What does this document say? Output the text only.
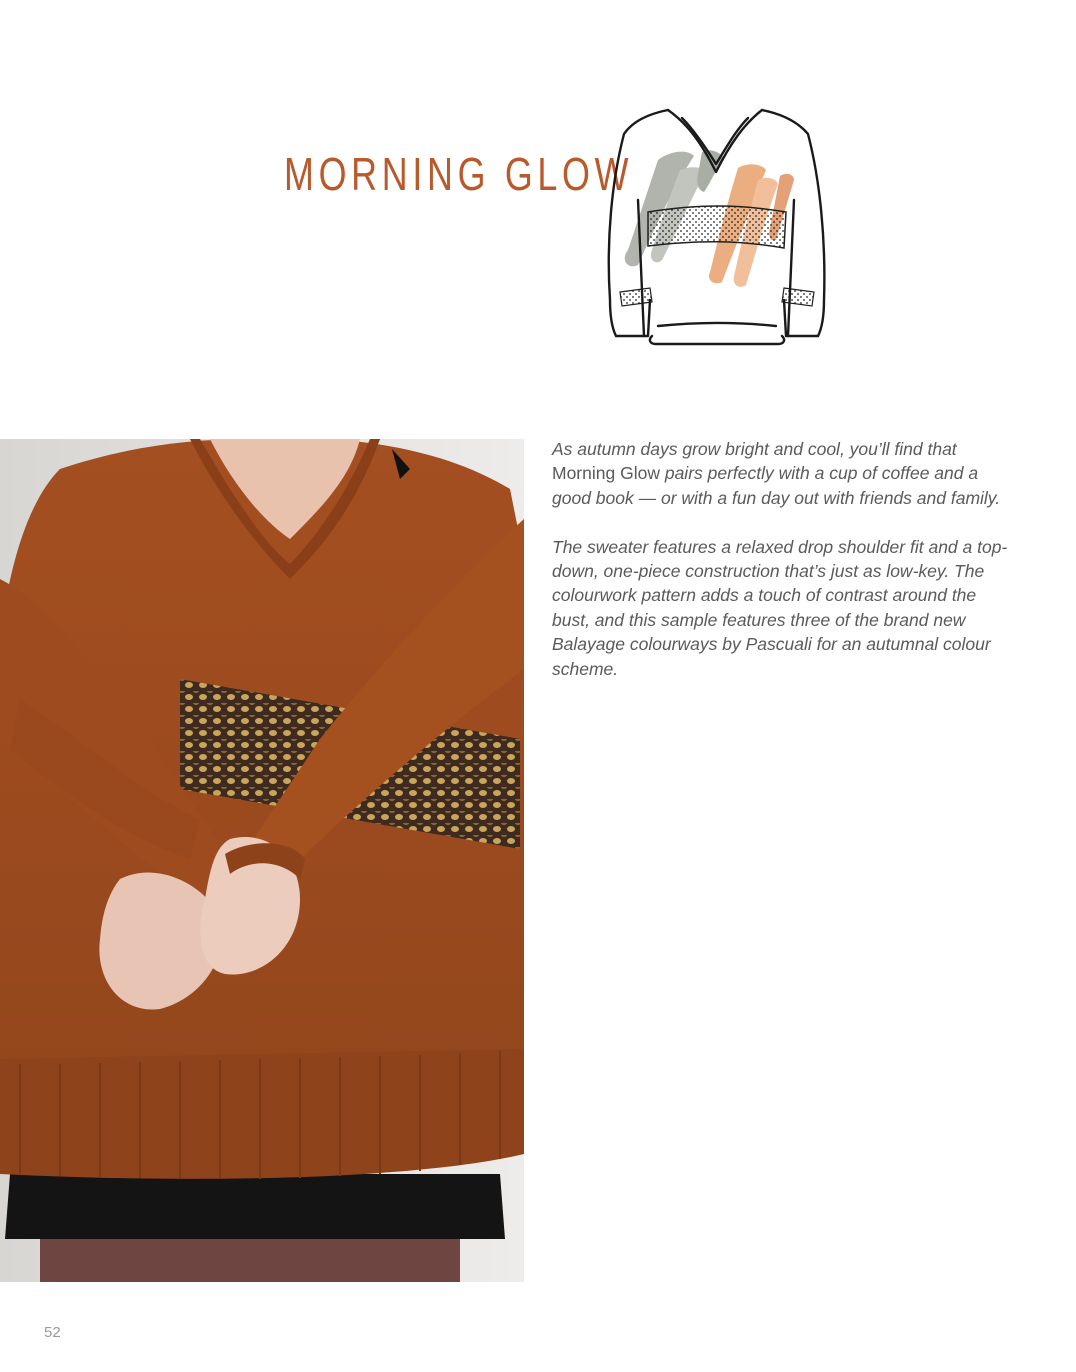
MORNING GLOW

As autumn days grow bright and cool, you’ll find that Morning Glow pairs perfectly with a cup of coffee and a good book — or with a fun day out with friends and family.

The sweater features a relaxed drop shoulder fit and a top-down, one-piece construction that’s just as low-key. The colourwork pattern adds a touch of contrast around the bust, and this sample features three of the brand new Balayage colourways by Pascuali for an autumnal colour scheme.

52
